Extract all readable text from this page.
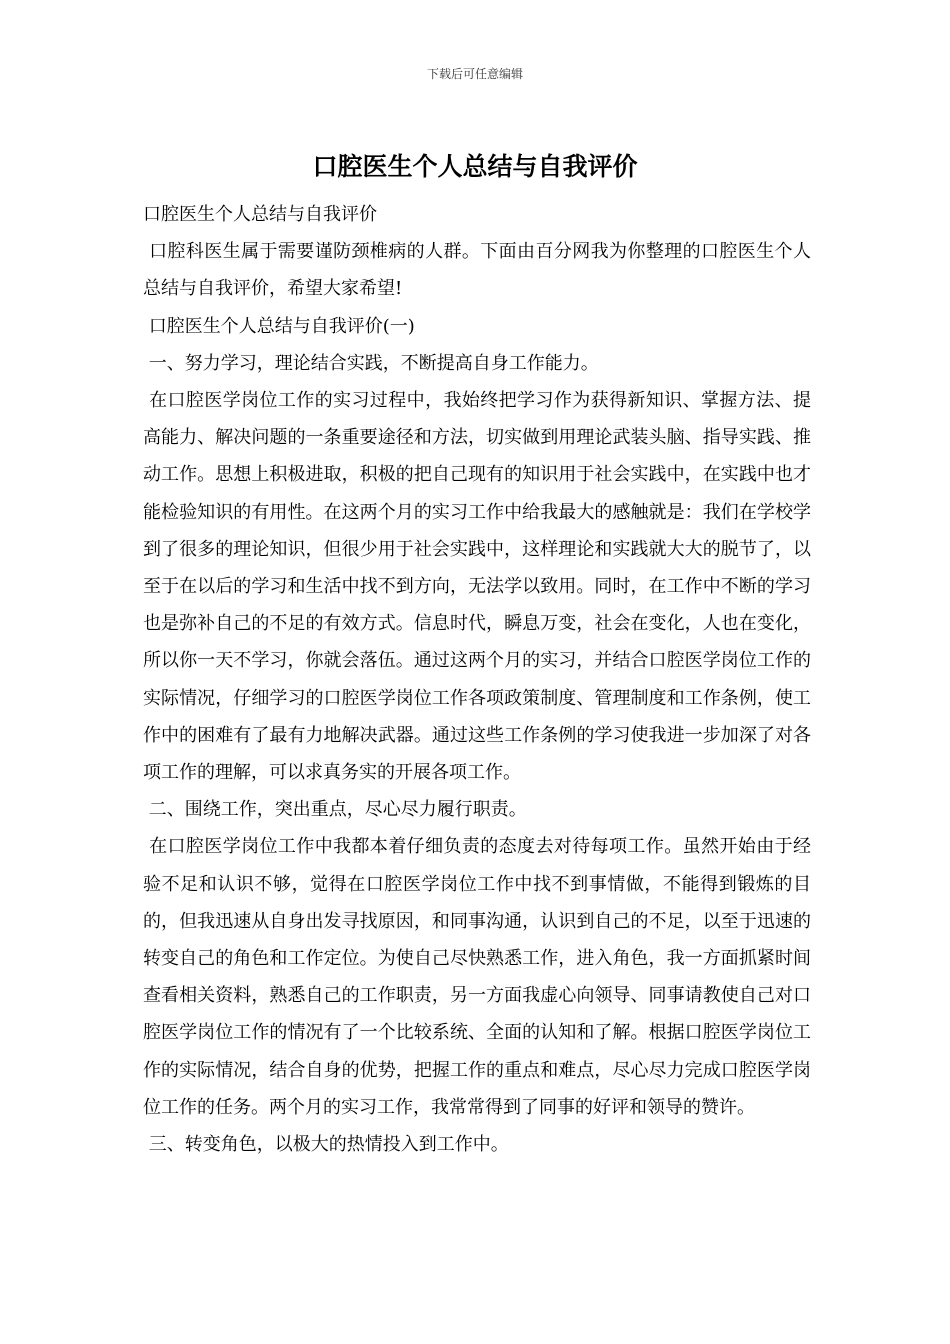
下载后可任意编辑
口腔医生个人总结与自我评价

口腔医生个人总结与自我评价

口腔科医生属于需要谨防颈椎病的人群。下面由百分网我为你整理的口腔医生个人总结与自我评价，希望大家希望!

口腔医生个人总结与自我评价(一)

一、努力学习，理论结合实践，不断提高自身工作能力。

在口腔医学岗位工作的实习过程中，我始终把学习作为获得新知识、掌握方法、提高能力、解决问题的一条重要途径和方法，切实做到用理论武装头脑、指导实践、推动工作。思想上积极进取，积极的把自己现有的知识用于社会实践中，在实践中也才能检验知识的有用性。在这两个月的实习工作中给我最大的感触就是：我们在学校学到了很多的理论知识，但很少用于社会实践中，这样理论和实践就大大的脱节了，以至于在以后的学习和生活中找不到方向，无法学以致用。同时，在工作中不断的学习也是弥补自己的不足的有效方式。信息时代，瞬息万变，社会在变化，人也在变化，所以你一天不学习，你就会落伍。通过这两个月的实习，并结合口腔医学岗位工作的实际情况，仔细学习的口腔医学岗位工作各项政策制度、管理制度和工作条例，使工作中的困难有了最有力地解决武器。通过这些工作条例的学习使我进一步加深了对各项工作的理解，可以求真务实的开展各项工作。

二、围绕工作，突出重点，尽心尽力履行职责。

在口腔医学岗位工作中我都本着仔细负责的态度去对待每项工作。虽然开始由于经验不足和认识不够，觉得在口腔医学岗位工作中找不到事情做，不能得到锻炼的目的，但我迅速从自身出发寻找原因，和同事沟通，认识到自己的不足，以至于迅速的转变自己的角色和工作定位。为使自己尽快熟悉工作，进入角色，我一方面抓紧时间查看相关资料，熟悉自己的工作职责，另一方面我虚心向领导、同事请教使自己对口腔医学岗位工作的情况有了一个比较系统、全面的认知和了解。根据口腔医学岗位工作的实际情况，结合自身的优势，把握工作的重点和难点，尽心尽力完成口腔医学岗位工作的任务。两个月的实习工作，我常常得到了同事的好评和领导的赞许。

三、转变角色，以极大的热情投入到工作中。
